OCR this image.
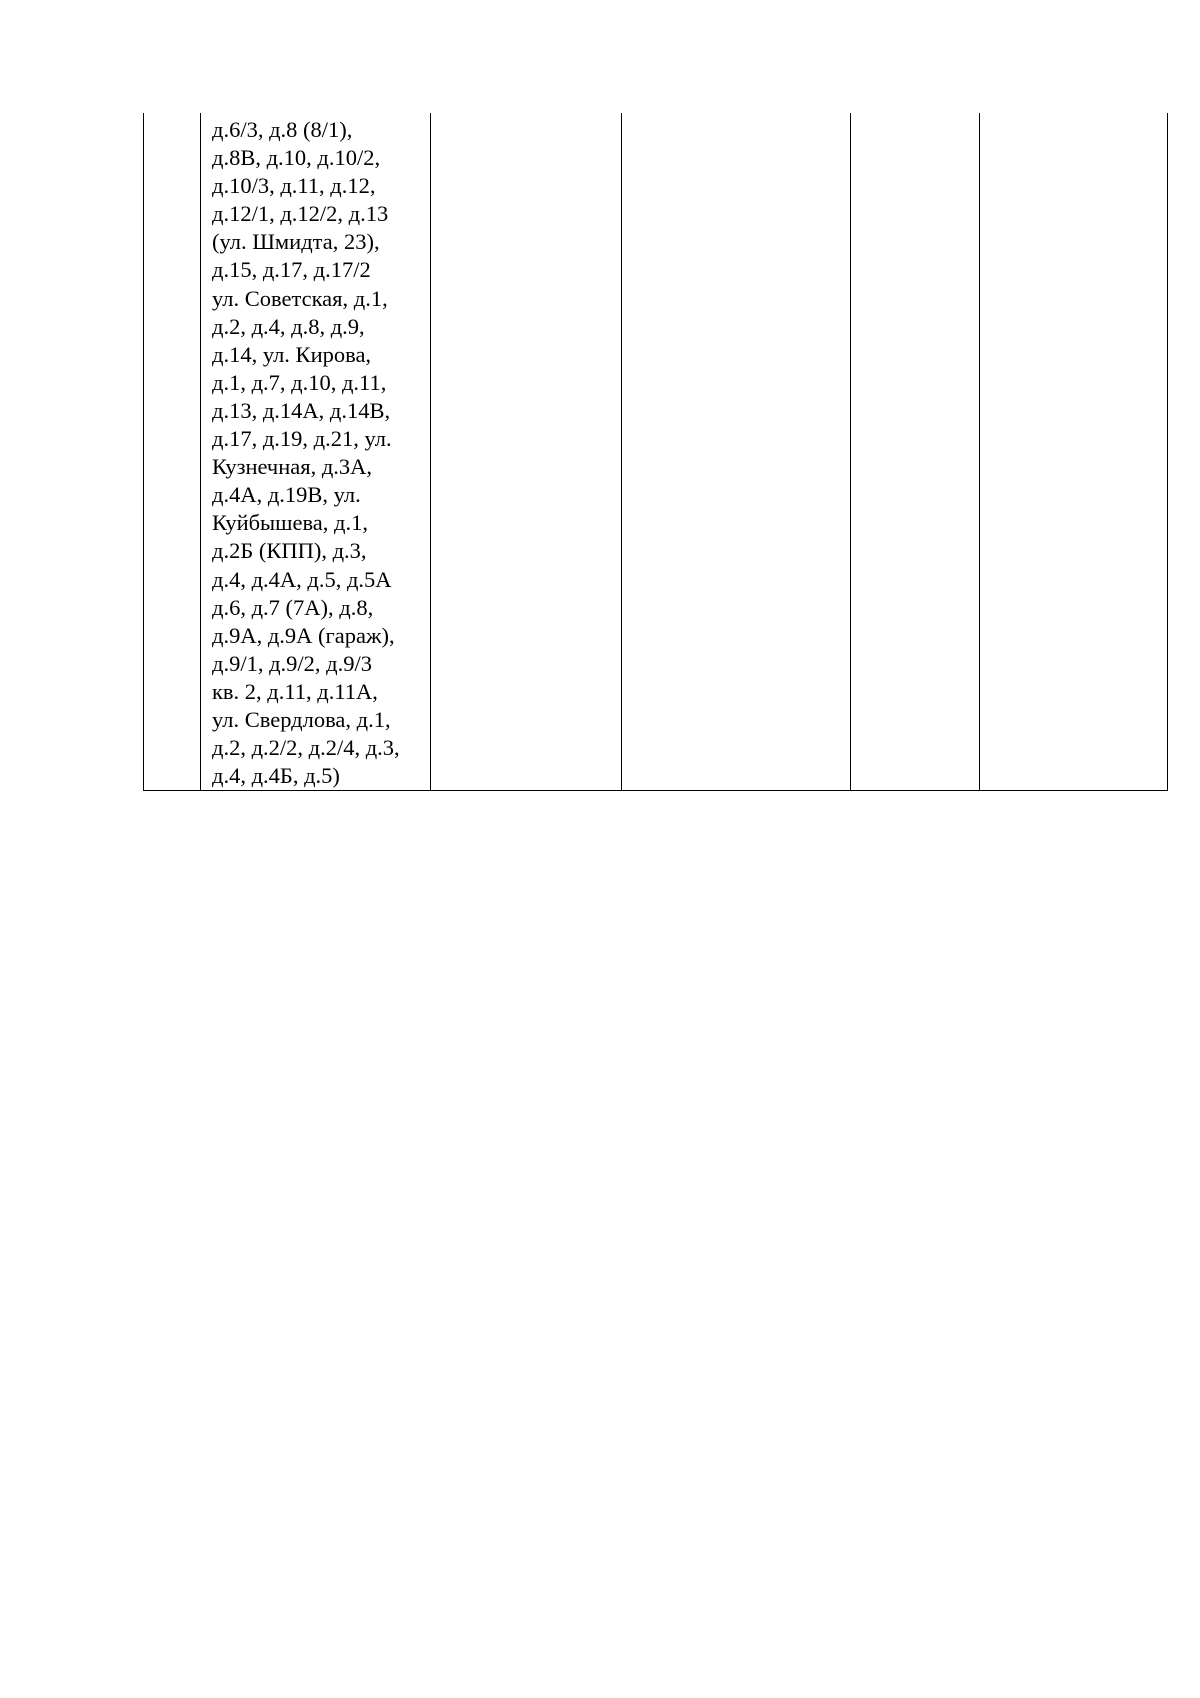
д.6/3, д.8 (8/1),
д.8В, д.10, д.10/2,
д.10/3, д.11, д.12,
д.12/1, д.12/2, д.13
(ул. Шмидта, 23),
д.15, д.17, д.17/2
ул. Советская, д.1,
д.2, д.4, д.8, д.9,
д.14, ул. Кирова,
д.1, д.7, д.10, д.11,
д.13, д.14А, д.14В,
д.17, д.19, д.21, ул.
Кузнечная, д.3А,
д.4А, д.19В, ул.
Куйбышева, д.1,
д.2Б (КПП), д.3,
д.4, д.4А, д.5, д.5А
д.6, д.7 (7А), д.8,
д.9А, д.9А (гараж),
д.9/1, д.9/2, д.9/3
кв. 2, д.11, д.11А,
ул. Свердлова, д.1,
д.2, д.2/2, д.2/4, д.3,
д.4, д.4Б, д.5)
